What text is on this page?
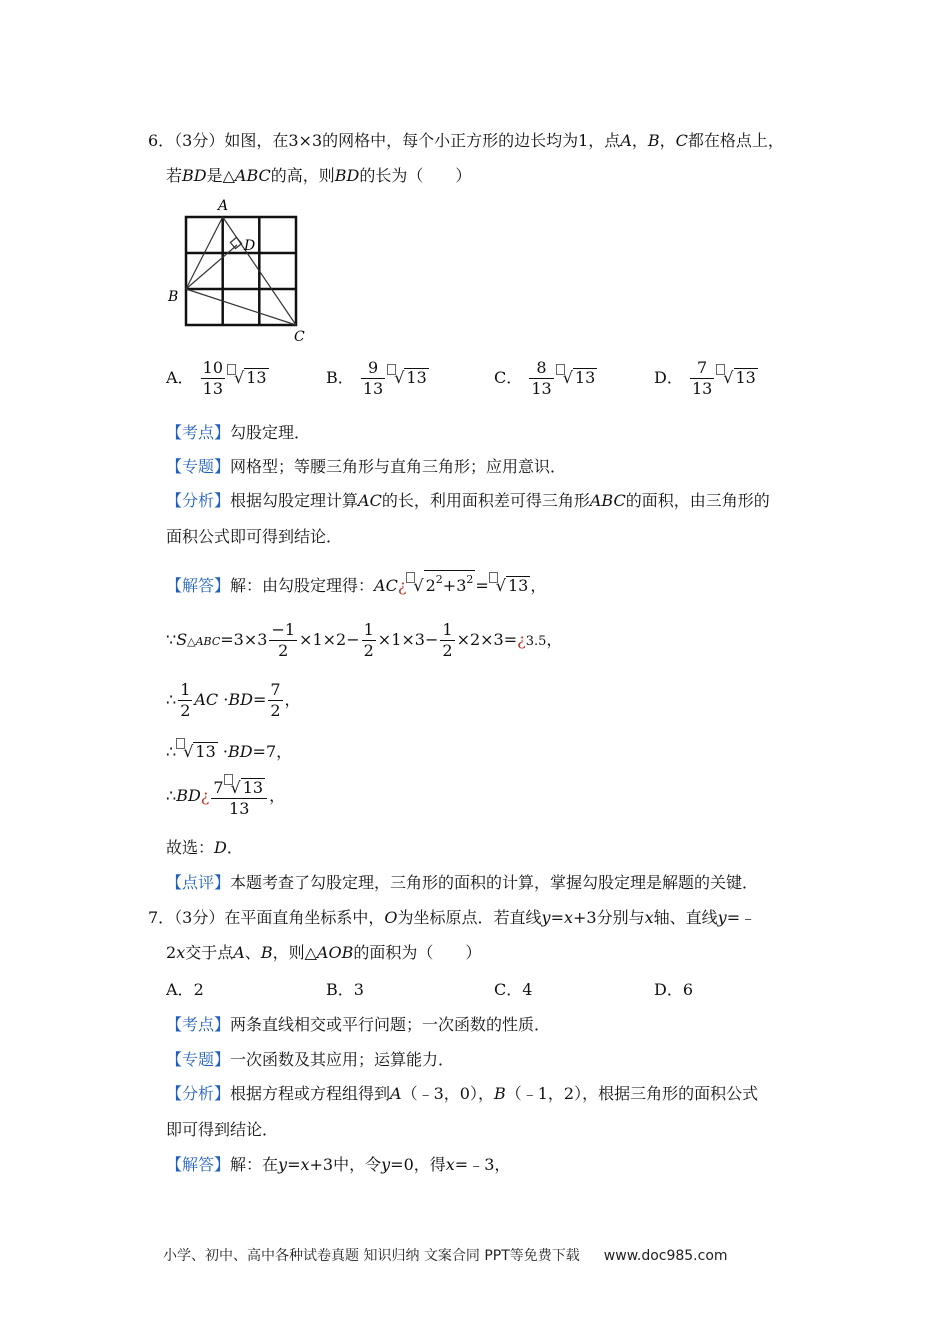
6．（3分）如图，在3×3的网格中，每个小正方形的边长均为1，点A，B，C都在格点上，
若BD是△ABC的高，则BD的长为（　　）
A
B
C
D
A． $\frac{10}{13}$ √ 13	B． $\frac{9}{13}$ √ 13	C． $\frac{8}{13}$ √ 13	D． $\frac{7}{13}$ √ 13
【考点】勾股定理．
【专题】网格型；等腰三角形与直角三角形；应用意识．
【分析】根据勾股定理计算AC的长，利用面积差可得三角形ABC的面积，由三角形的
面积公式即可得到结论．
【解答】解：由勾股定理得：AC¿ √ $2^2+3^2$ = √ 13 ，
∵S△ABC=3×3 $\frac{-1}{2} \times 1\times 2- \frac{1}{2} \times 1\times 3- \frac{1}{2}$ ×2×3=¿3.5，
∴ $\frac{1}{2}$ AC $\cdot BD= \frac{7}{2}$ ，
∴ √ 13 ·BD=7，
∴BD¿ $\frac{7 √ 13}{13}$ ，
故选：D．
【点评】本题考查了勾股定理，三角形的面积的计算，掌握勾股定理是解题的关键．
7．（3分）在平面直角坐标系中，O为坐标原点．若直线y=x+3分别与x轴、直线y=﹣
2x交于点A、B，则△AOB的面积为（　　）
A．2	B．3	C．4	D．6
【考点】两条直线相交或平行问题；一次函数的性质．
【专题】一次函数及其应用；运算能力．
【分析】根据方程或方程组得到A（﹣3，0），B（﹣1，2），根据三角形的面积公式
即可得到结论．
【解答】解：在y=x+3中，令y=0，得x=﹣3，
小学、初中、高中各种试卷真题 知识归纳 文案合同 PPT等免费下载 www.doc985.com
